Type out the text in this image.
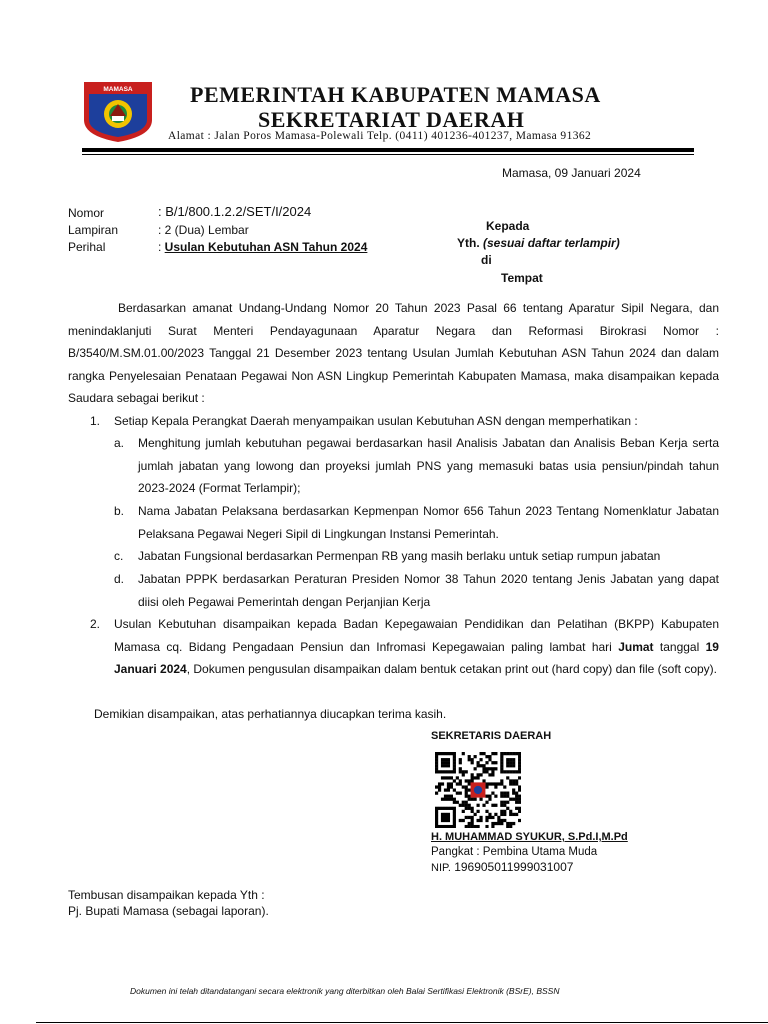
MAMASA	PEMERINTAH KABUPATEN MAMASA
SEKRETARIAT DAERAH
Alamat : Jalan Poros Mamasa-Polewali Telp. (0411) 401236-401237, Mamasa 91362
Mamasa, 09 Januari 2024
Nomor	: B/1/800.1.2.2/SET/I/2024
Lampiran	: 2 (Dua) Lembar
Perihal	: Usulan Kebutuhan ASN Tahun 2024
Kepada
Yth. (sesuai daftar terlampir)
di
Tempat
Berdasarkan amanat Undang-Undang Nomor 20 Tahun 2023 Pasal 66 tentang Aparatur Sipil Negara, dan menindaklanjuti Surat Menteri Pendayagunaan Aparatur Negara dan Reformasi Birokrasi Nomor : B/3540/M.SM.01.00/2023 Tanggal 21 Desember 2023 tentang Usulan Jumlah Kebutuhan ASN Tahun 2024 dan dalam rangka Penyelesaian Penataan Pegawai Non ASN Lingkup Pemerintah Kabupaten Mamasa, maka disampaikan kepada Saudara sebagai berikut :
1. Setiap Kepala Perangkat Daerah menyampaikan usulan Kebutuhan ASN dengan memperhatikan :
a. Menghitung jumlah kebutuhan pegawai berdasarkan hasil Analisis Jabatan dan Analisis Beban Kerja serta jumlah jabatan yang lowong dan proyeksi jumlah PNS yang memasuki batas usia pensiun/pindah tahun 2023-2024 (Format Terlampir);
b. Nama Jabatan Pelaksana berdasarkan Kepmenpan Nomor 656 Tahun 2023 Tentang Nomenklatur Jabatan Pelaksana Pegawai Negeri Sipil di Lingkungan Instansi Pemerintah.
c. Jabatan Fungsional berdasarkan Permenpan RB yang masih berlaku untuk setiap rumpun jabatan
d. Jabatan PPPK berdasarkan Peraturan Presiden Nomor 38 Tahun 2020 tentang Jenis Jabatan yang dapat diisi oleh Pegawai Pemerintah dengan Perjanjian Kerja
2. Usulan Kebutuhan disampaikan kepada Badan Kepegawaian Pendidikan dan Pelatihan (BKPP) Kabupaten Mamasa cq. Bidang Pengadaan Pensiun dan Infromasi Kepegawaian paling lambat hari Jumat tanggal 19 Januari 2024, Dokumen pengusulan disampaikan dalam bentuk cetakan print out (hard copy) dan file (soft copy).
Demikian disampaikan, atas perhatiannya diucapkan terima kasih.
SEKRETARIS DAERAH
H. MUHAMMAD SYUKUR, S.Pd.I,M.Pd
Pangkat : Pembina Utama Muda
NIP. 196905011999031007
Tembusan disampaikan kepada Yth :
Pj. Bupati Mamasa (sebagai laporan).
Dokumen ini telah ditandatangani secara elektronik yang diterbitkan oleh Balai Sertifikasi Elektronik (BSrE), BSSN
